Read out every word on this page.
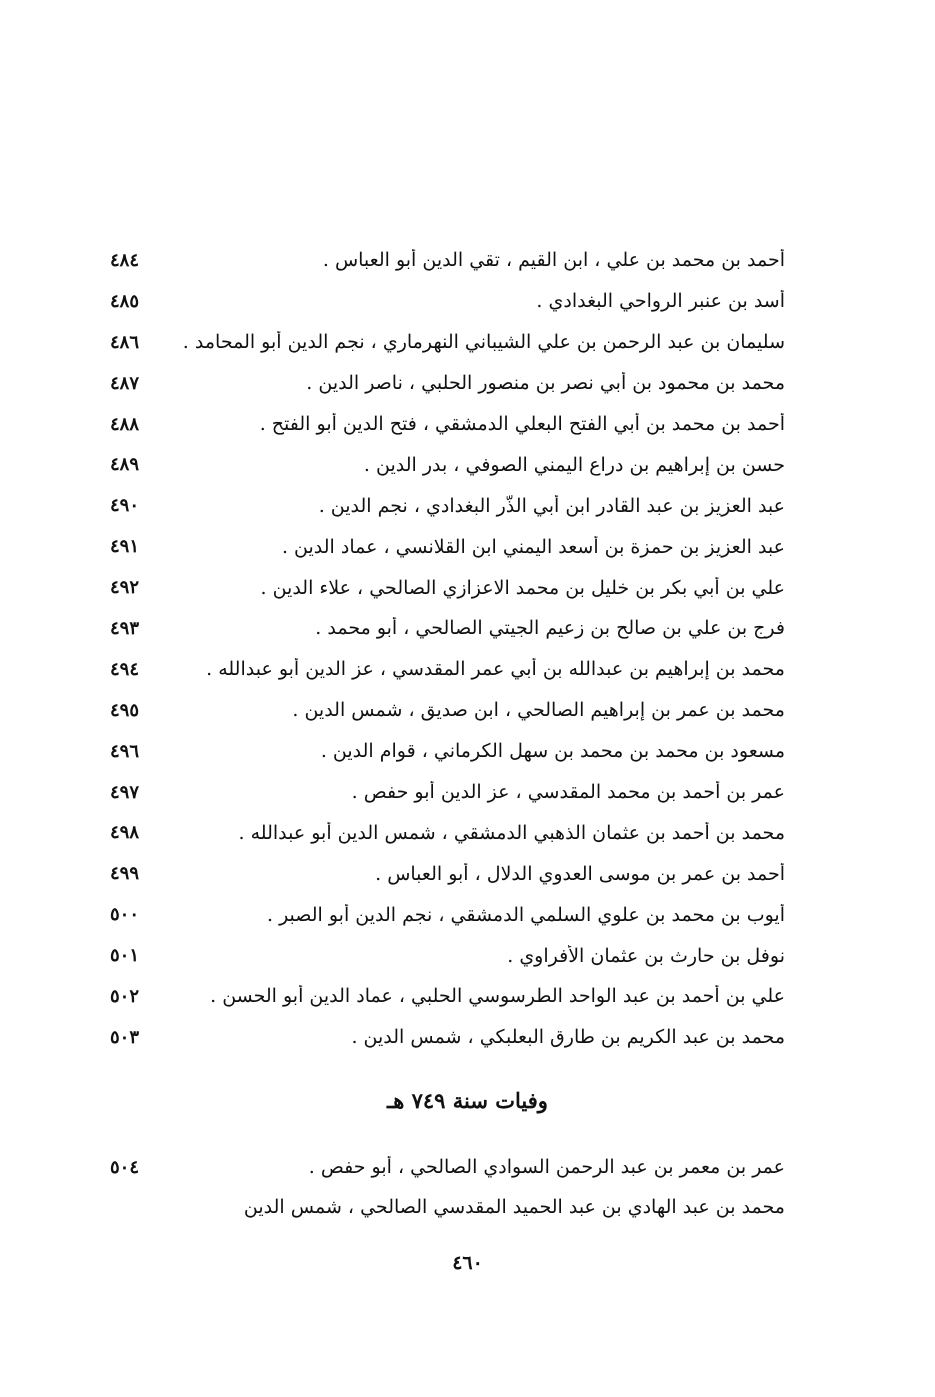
أحمد بن محمد بن علي ، ابن القيم ، تقي الدين أبو العباس .
٤٨٤
أسد بن عنبر الرواحي البغدادي .
٤٨٥
سليمان بن عبد الرحمن بن علي الشيباني النهرماري ، نجم الدين أبو المحامد .
٤٨٦
محمد بن محمود بن أبي نصر بن منصور الحلبي ، ناصر الدين .
٤٨٧
أحمد بن محمد بن أبي الفتح البعلي الدمشقي ، فتح الدين أبو الفتح .
٤٨٨
حسن بن إبراهيم بن دراع اليمني الصوفي ، بدر الدين .
٤٨٩
عبد العزيز بن عبد القادر ابن أبي الذّر البغدادي ، نجم الدين .
٤٩٠
عبد العزيز بن حمزة بن أسعد اليمني ابن القلانسي ، عماد الدين .
٤٩١
علي بن أبي بكر بن خليل بن محمد الاعزازي الصالحي ، علاء الدين .
٤٩٢
فرج بن علي بن صالح بن زعيم الجيتي الصالحي ، أبو محمد .
٤٩٣
محمد بن إبراهيم بن عبدالله بن أبي عمر المقدسي ، عز الدين أبو عبدالله .
٤٩٤
محمد بن عمر بن إبراهيم الصالحي ، ابن صديق ، شمس الدين .
٤٩٥
مسعود بن محمد بن محمد بن سهل الكرماني ، قوام الدين .
٤٩٦
عمر بن أحمد بن محمد المقدسي ، عز الدين أبو حفص .
٤٩٧
محمد بن أحمد بن عثمان الذهبي الدمشقي ، شمس الدين أبو عبدالله .
٤٩٨
أحمد بن عمر بن موسى العدوي الدلال ، أبو العباس .
٤٩٩
أيوب بن محمد بن علوي السلمي الدمشقي ، نجم الدين أبو الصبر .
٥٠٠
نوفل بن حارث بن عثمان الأفراوي .
٥٠١
علي بن أحمد بن عبد الواحد الطرسوسي الحلبي ، عماد الدين أبو الحسن .
٥٠٢
محمد بن عبد الكريم بن طارق البعلبكي ، شمس الدين .
٥٠٣
وفيات سنة ٧٤٩ هـ
عمر بن معمر بن عبد الرحمن السوادي الصالحي ، أبو حفص .
٥٠٤
محمد بن عبد الهادي بن عبد الحميد المقدسي الصالحي ، شمس الدين
٤٦٠
